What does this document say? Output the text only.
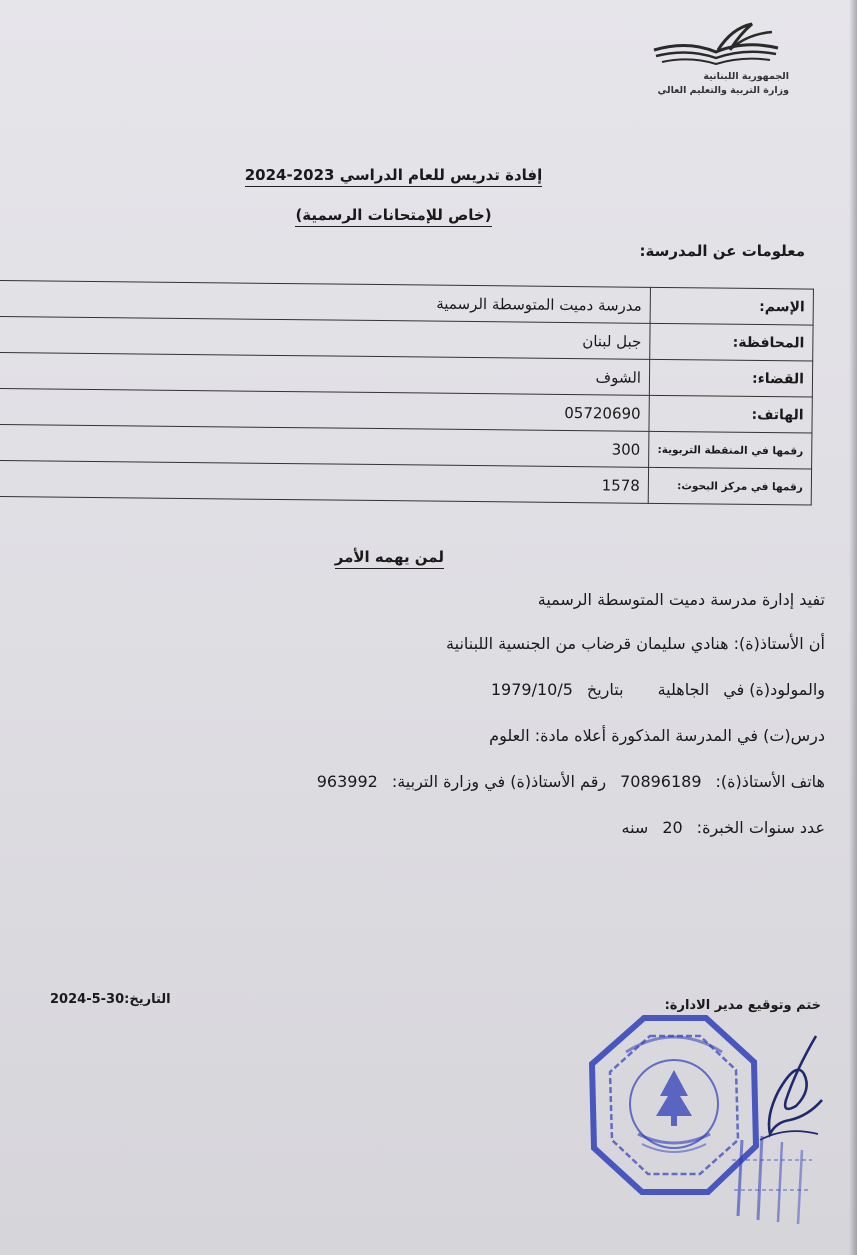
الجمهورية اللبنانية
وزارة التربية والتعليم العالي
إفادة تدريس للعام الدراسي 2023-2024
(خاص للإمتحانات الرسمية)
معلومات عن المدرسة:
الإسم:	مدرسة دميت المتوسطة الرسمية
المحافظة:	جبل لبنان
القضاء:	الشوف
الهاتف:	05720690
رقمها في المنقطة التربوية:	300
رقمها في مركز البحوث:	1578
لمن يهمه الأمر
تفيد إدارة مدرسة دميت المتوسطة الرسمية
أن الأستاذ(ة): هنادي سليمان قرضاب من الجنسية اللبنانية
والمولود(ة) فيالجاهليةبتاريخ1979/10/5
درس(ت) في المدرسة المذكورة أعلاه مادة: العلوم
هاتف الأستاذ(ة):70896189رقم الأستاذ(ة) في وزارة التربية:963992
عدد سنوات الخبرة:20سنه
التاريخ:30-5-2024	ختم وتوقيع مدير الادارة:
